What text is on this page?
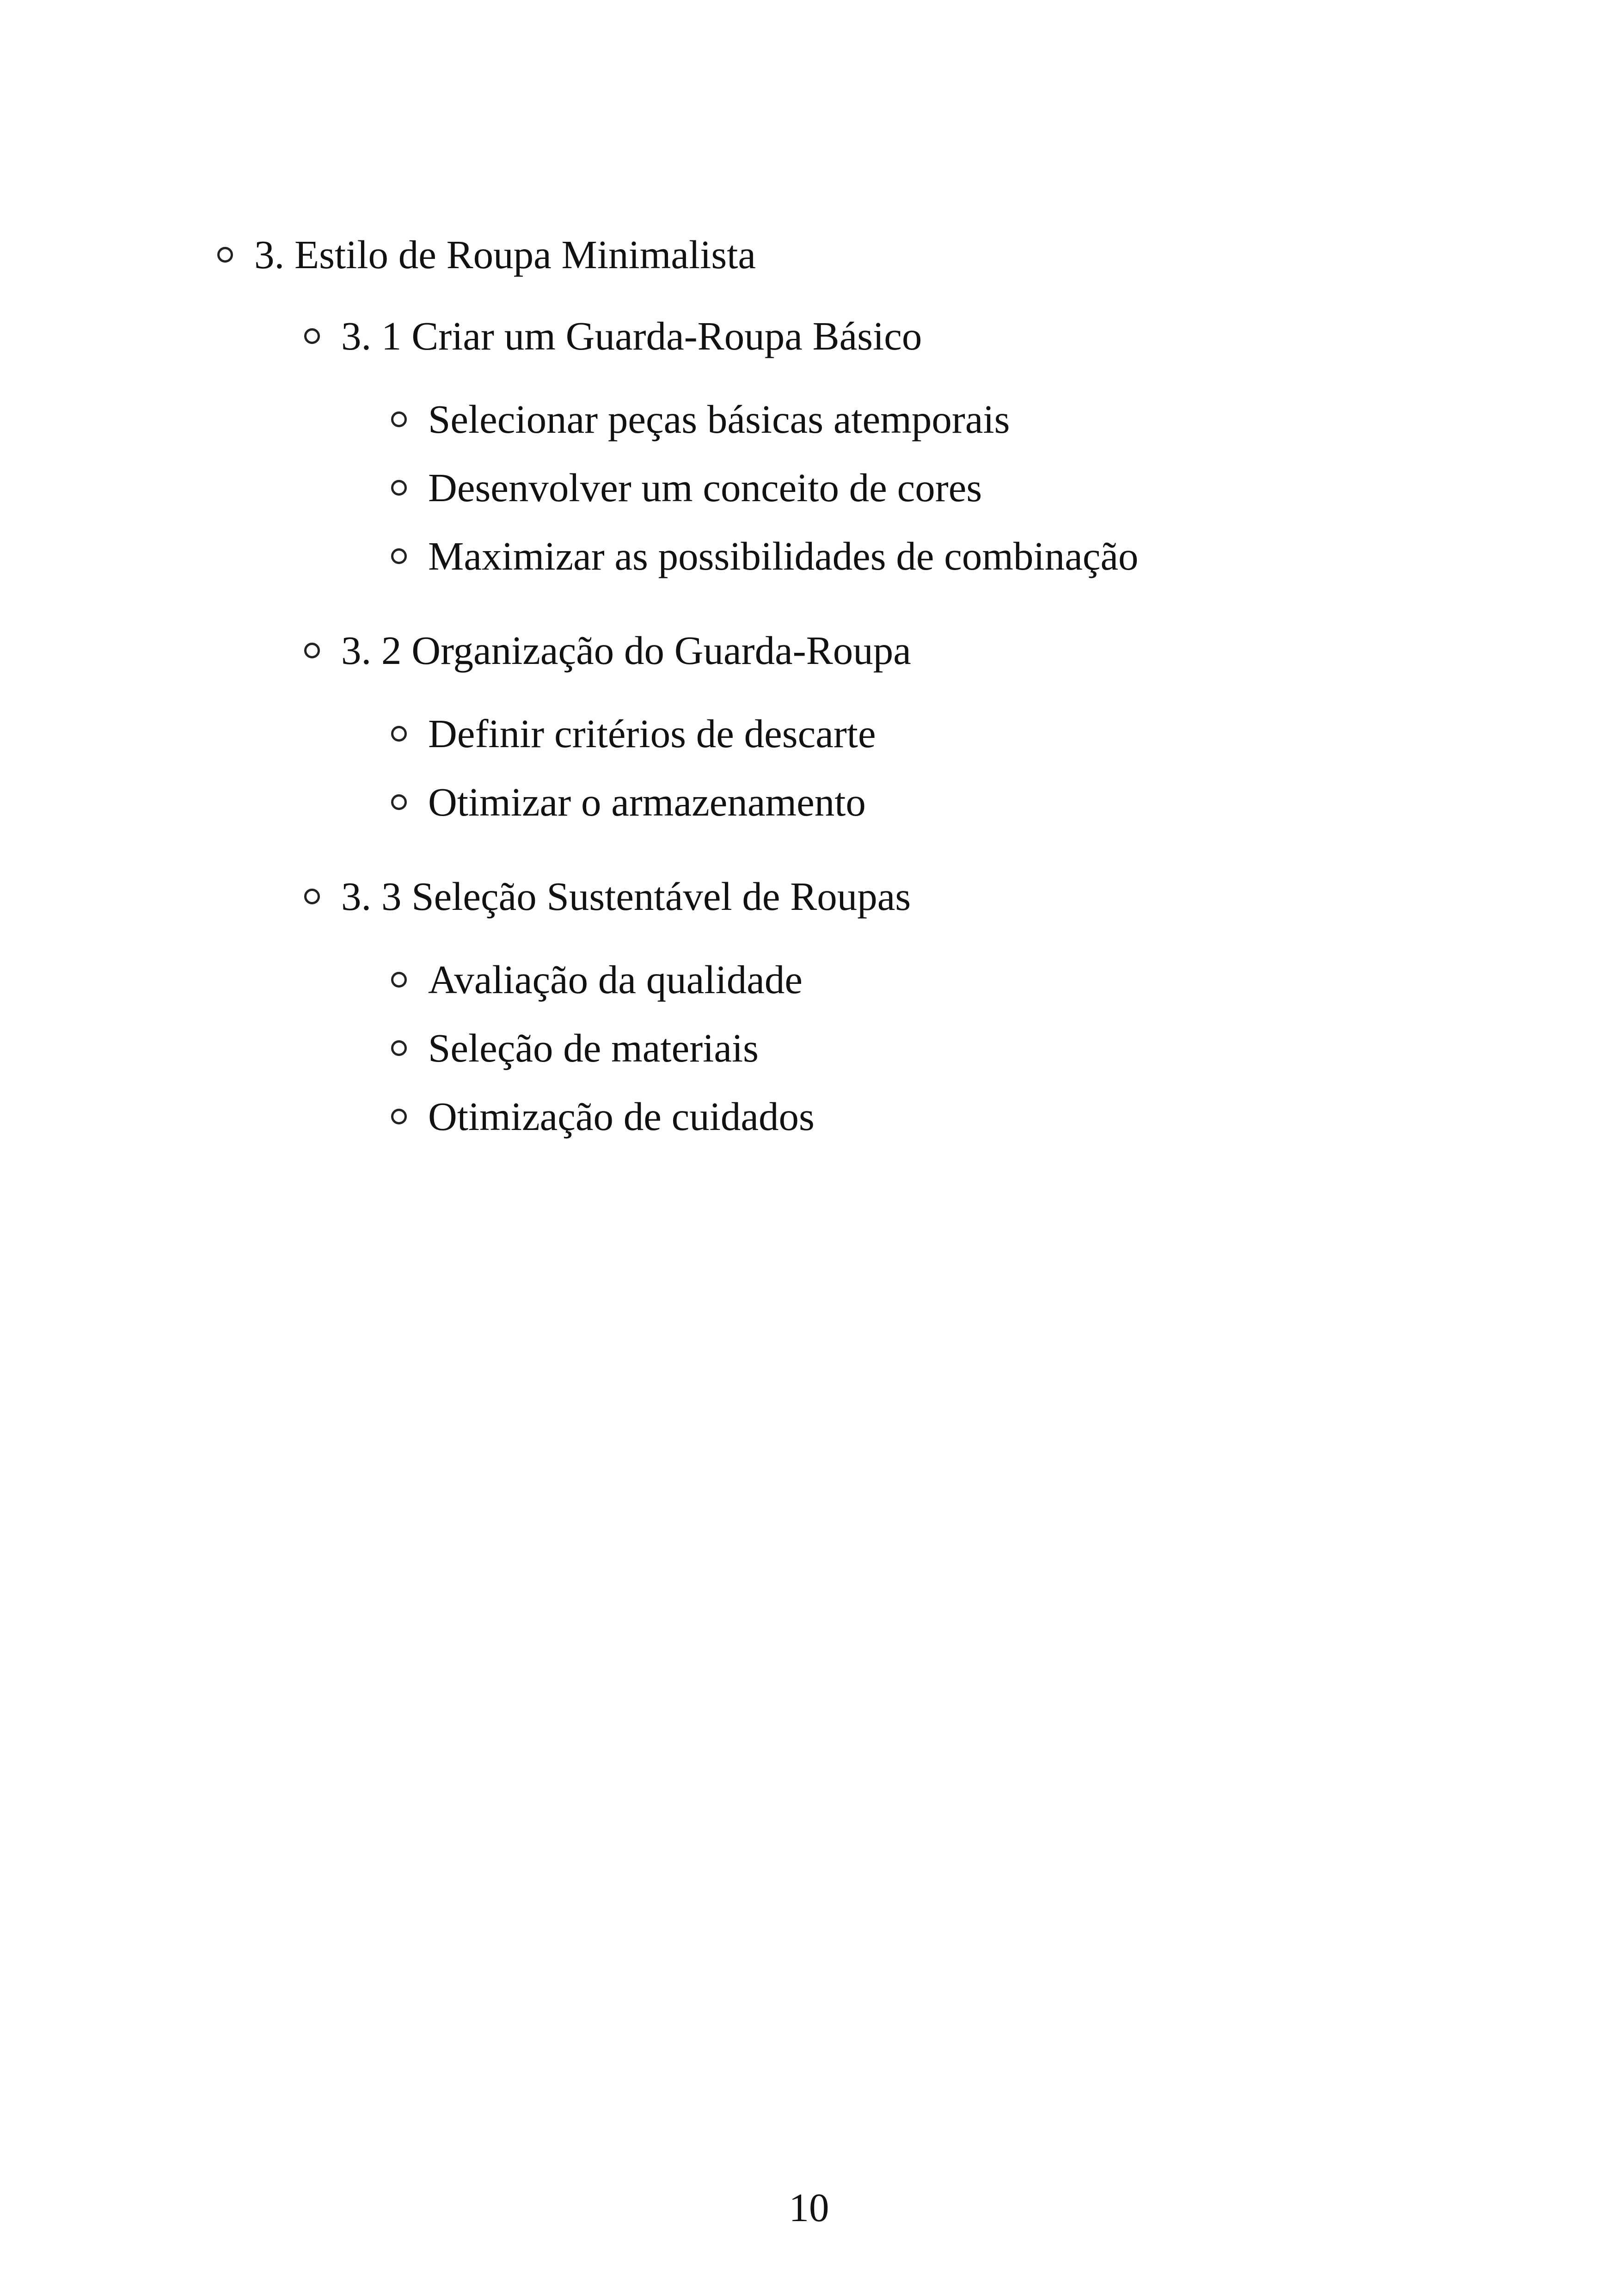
3. Estilo de Roupa Minimalista
3. 1 Criar um Guarda-Roupa Básico
Selecionar peças básicas atemporais
Desenvolver um conceito de cores
Maximizar as possibilidades de combinação
3. 2 Organização do Guarda-Roupa
Definir critérios de descarte
Otimizar o armazenamento
3. 3 Seleção Sustentável de Roupas
Avaliação da qualidade
Seleção de materiais
Otimização de cuidados
10
